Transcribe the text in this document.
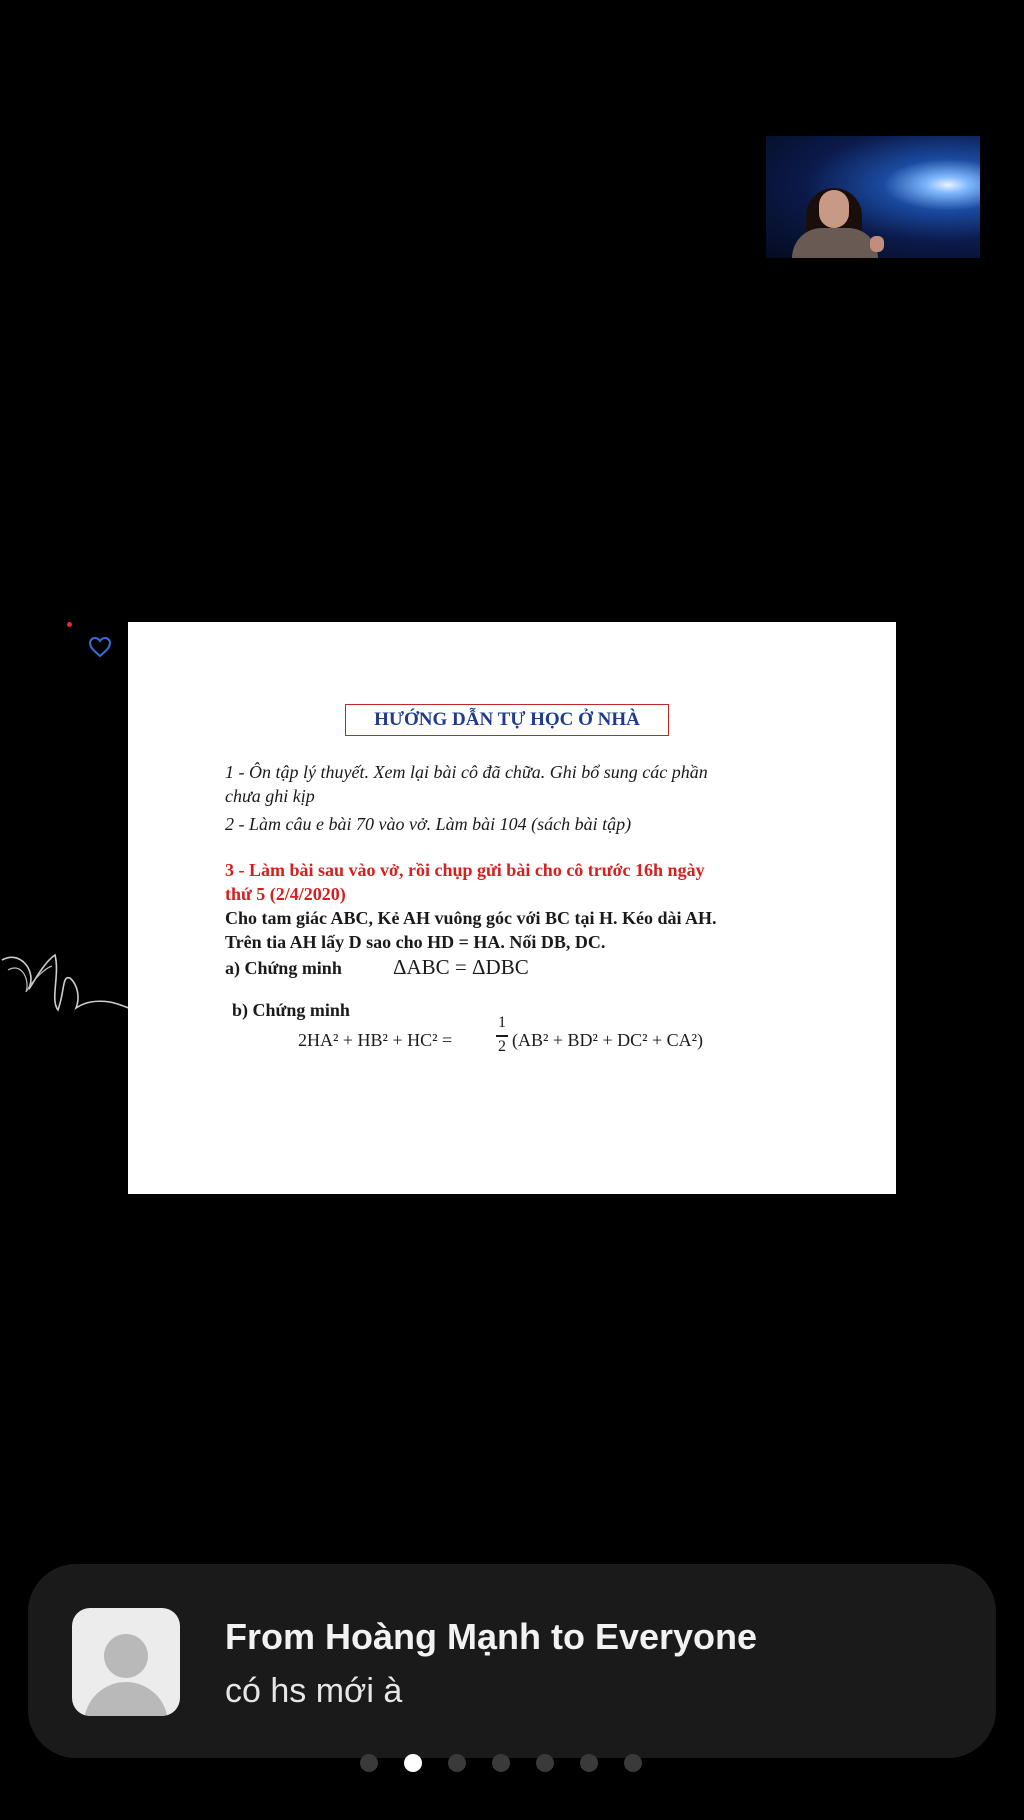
HƯỚNG DẪN TỰ HỌC Ở NHÀ
1 - Ôn tập lý thuyết. Xem lại bài cô đã chữa. Ghi bổ sung các phần
chưa ghi kịp
2 - Làm câu e bài 70 vào vở. Làm bài 104 (sách bài tập)
3 - Làm bài sau vào vở, rồi chụp gửi bài cho cô trước 16h ngày
thứ 5 (2/4/2020)
Cho tam giác ABC, Kẻ AH vuông góc với BC tại H. Kéo dài AH.
Trên tia AH lấy D sao cho HD = HA. Nối DB, DC.
a) Chứng minh ΔABC = ΔDBC
b) Chứng minh
2HA² + HB² + HC² =
1
2 (AB² + BD² + DC² + CA²)
From Hoàng Mạnh to Everyone
có hs mới à
